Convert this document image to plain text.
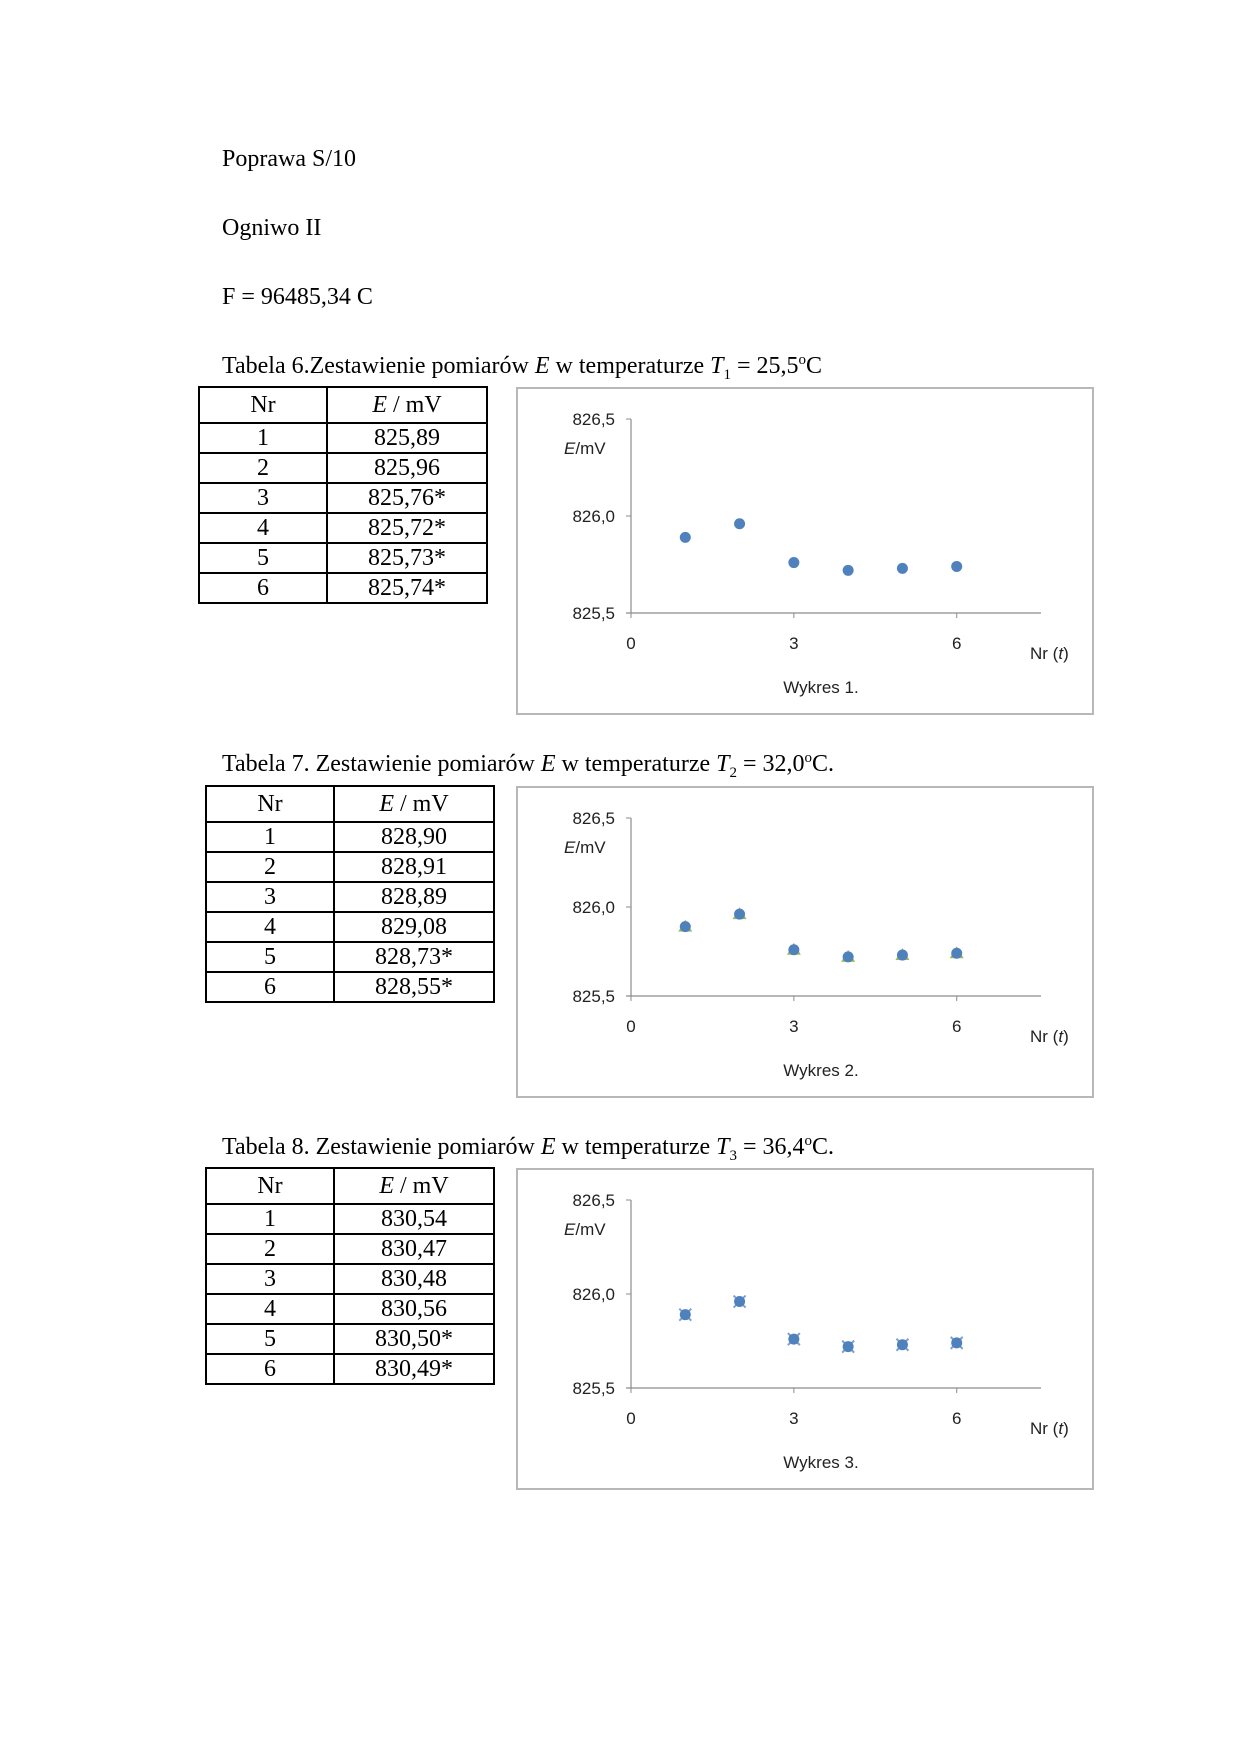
Poprawa S/10
Ogniwo II
F = 96485,34 C
Tabela 6.Zestawienie pomiarów E w temperaturze $T_1 = 25,5^oC$
Nr	E / mV
1	825,89
2	825,96
3	825,76*
4	825,72*
5	825,73*
6	825,74*
826,5
826,0
825,5
0	3	6
E/mV
Nr (t)
Wykres 1.
Tabela 7. Zestawienie pomiarów E w temperaturze $T_2 = 32,0^oC$.
Nr	E / mV
1	828,90
2	828,91
3	828,89
4	829,08
5	828,73*
6	828,55*
826,5
826,0
825,5
0	3	6
E/mV
Nr (t)
Wykres 2.
Tabela 8. Zestawienie pomiarów E w temperaturze $T_3 = 36,4^oC$.
Nr	E / mV
1	830,54
2	830,47
3	830,48
4	830,56
5	830,50*
6	830,49*
826,5
826,0
825,5
0	3	6
E/mV
Nr (t)
Wykres 3.
